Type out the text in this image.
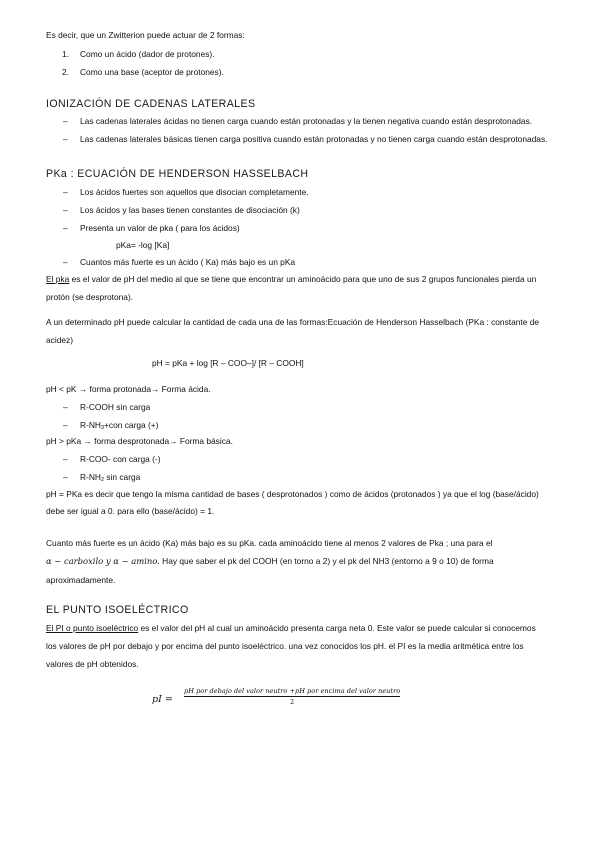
Es decir, que un Zwitterion puede actuar de 2 formas:
1. Como un ácido (dador de protones).
2. Como una base (aceptor de protones).
IONIZACIÓN DE CADENAS LATERALES
– Las cadenas laterales ácidas no tienen carga cuando están protonadas y la tienen negativa cuando están desprotonadas.
– Las cadenas laterales básicas tienen carga positiva cuando están protonadas y no tienen carga cuando están desprotonadas.
PKa : ECUACIÓN DE HENDERSON HASSELBACH
– Los ácidos fuertes son aquellos que disocian completamente.
– Los ácidos y las bases tienen constantes de disociación (k)
– Presenta un valor de pka ( para los ácidos)
pKa= -log [Ka]
– Cuantos más fuerte es un ácido ( Ka) más bajo es un pKa
El pka es el valor de pH del medio al que se tiene que encontrar un aminoácido para que uno de sus 2 grupos funcionales pierda un
protón (se desprotona).
A un determinado pH puede calcular la cantidad de cada una de las formas:Ecuación de Henderson Hasselbach (PKa : constante de
acidez)
pH = pKa + log [R – COO–]/ [R – COOH]
pH < pK → forma protonada→ Forma ácida.
– R-COOH sin carga
– $R-NH_3+con$ carga (+)
pH > pKa → forma desprotonada→ Forma básica.
– R-COO- con carga (-)
– $R-NH_2$ sin carga
pH = PKa es decir que tengo la misma cantidad de bases ( desprotonados ) como de ácidos (protonados ) ya que el log (base/ácido)
debe ser igual a 0. para ello (base/ácido) = 1.
Cuanto más fuerte es un ácido (Ka) más bajo es su pKa. cada aminoácido tiene al menos 2 valores de Pka ; una para el
α − carboxilo y α − amino. Hay que saber el pk del COOH (en torno a 2) y el pk del NH3 (entorno a 9 o 10) de forma
aproximadamente.
EL PUNTO ISOELÉCTRICO
El PI o punto isoeléctrico es el valor del pH al cual un aminoácido presenta carga neta 0. Este valor se puede calcular si conocemos
los valores de pH por debajo y por encima del punto isoeléctrico. una vez conocidos los pH. el PI es la media aritmética entre los
valores de pH obtenidos.
pI =
pH por debajo del valor neutro +pH por encima del valor neutro
2
